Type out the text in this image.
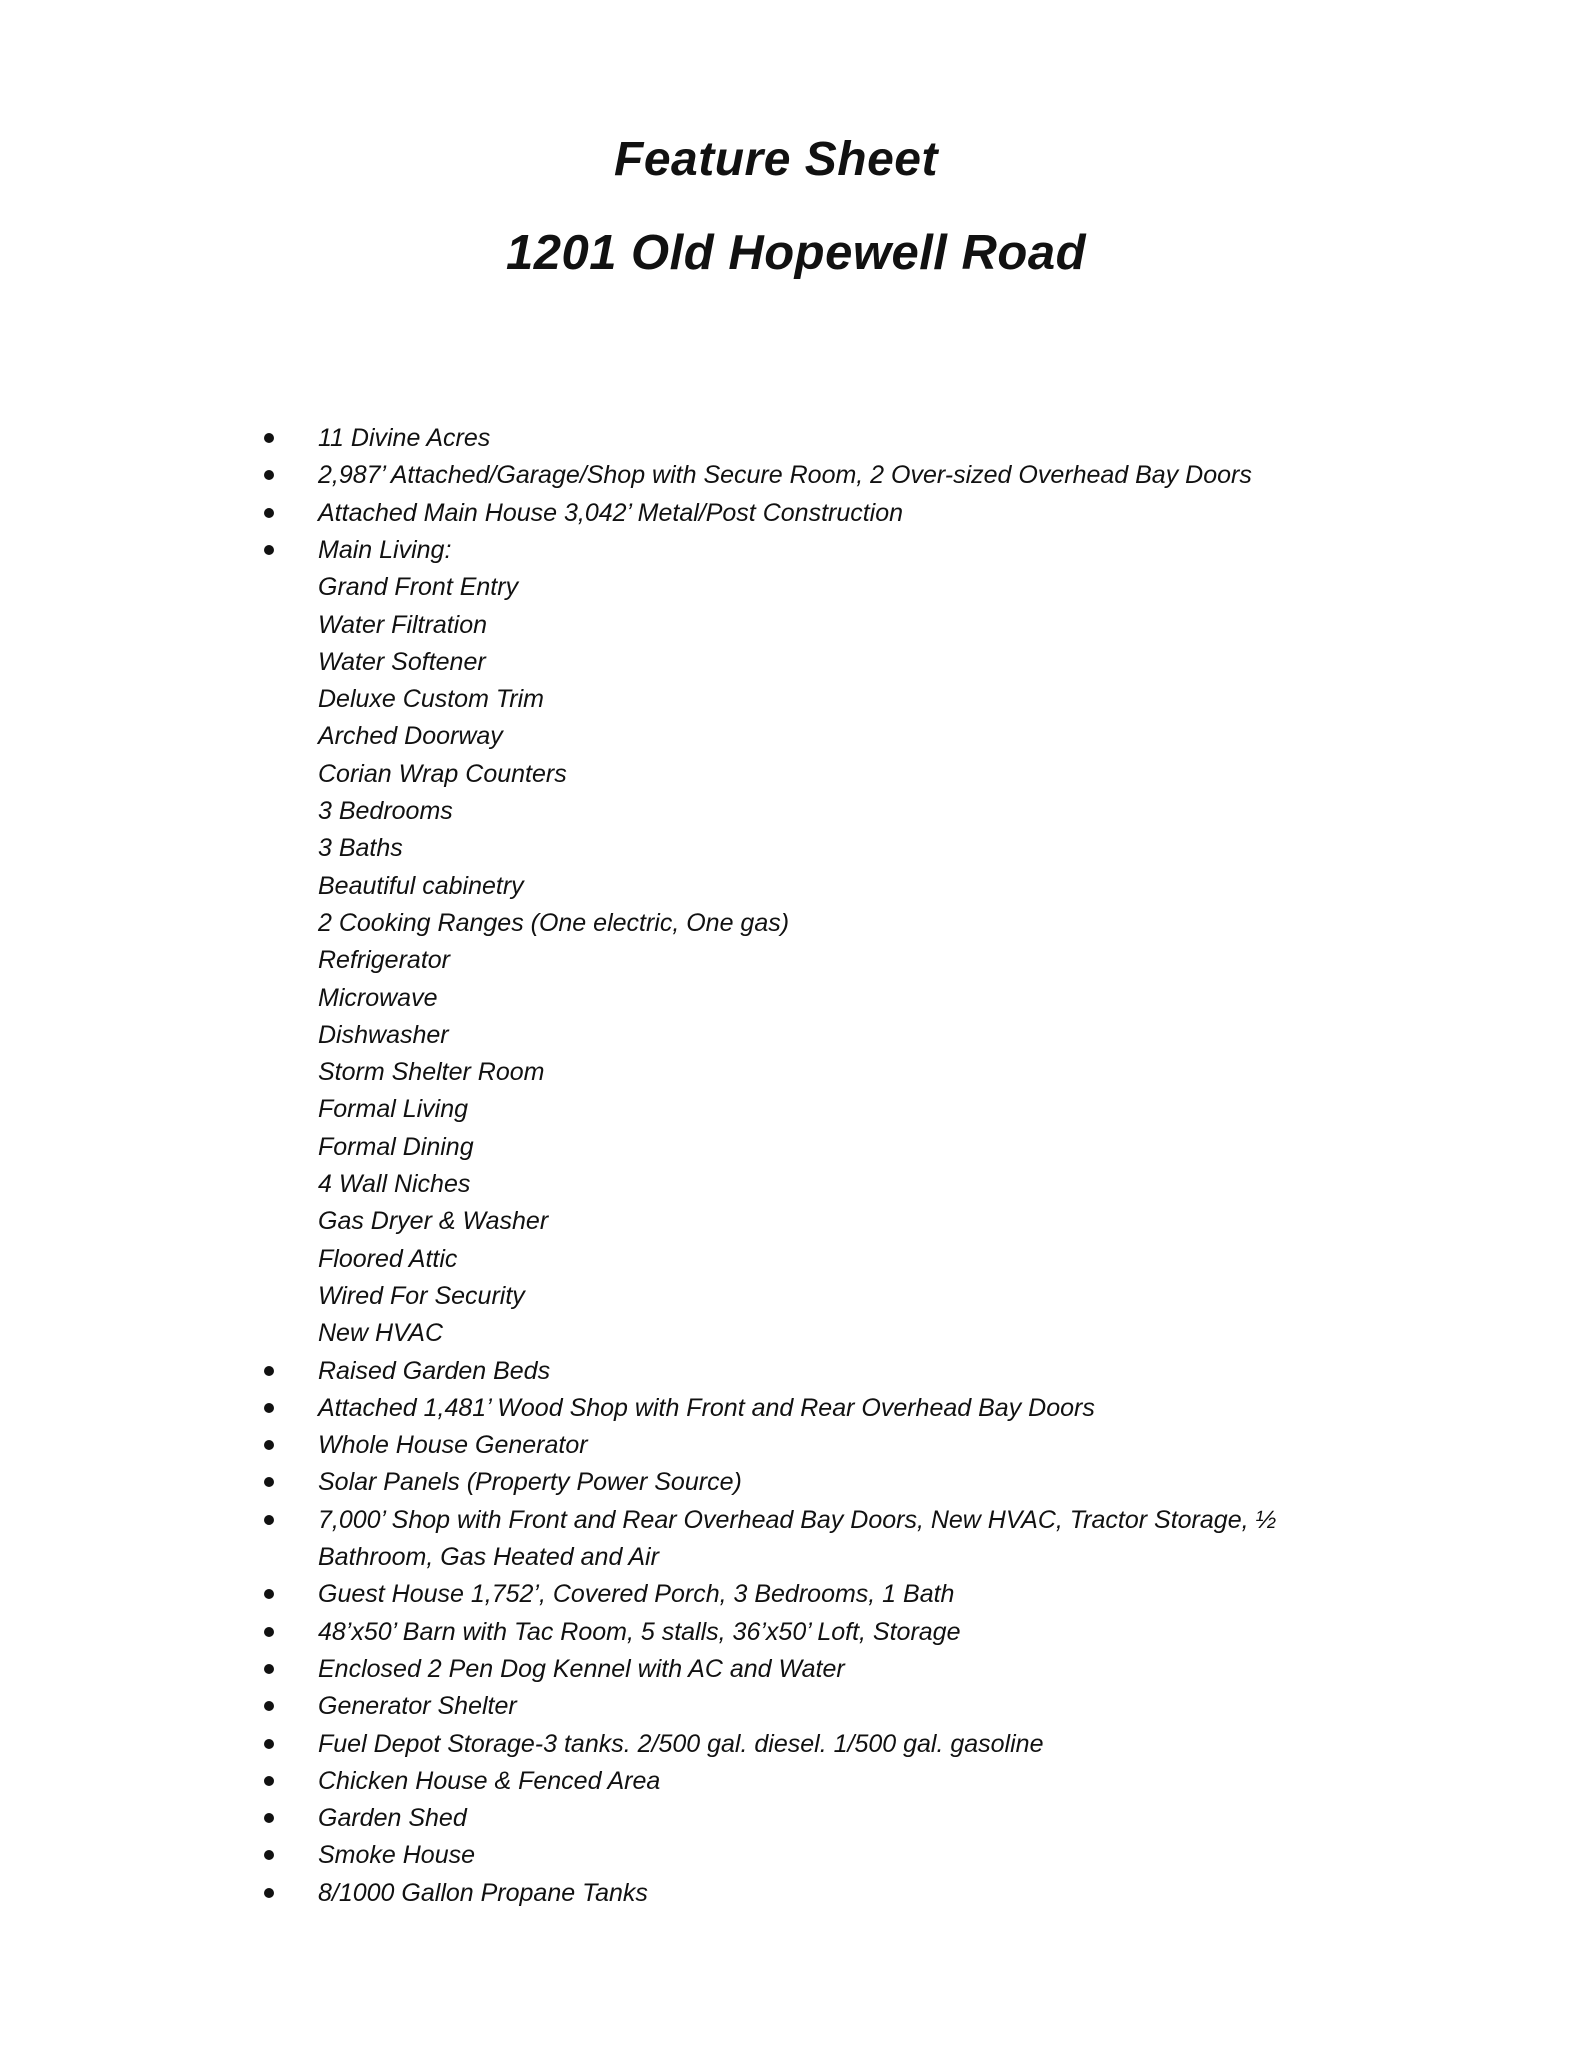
Feature Sheet
1201 Old Hopewell Road
11 Divine Acres
2,987’ Attached/Garage/Shop with Secure Room, 2 Over-sized Overhead Bay Doors
Attached Main House 3,042’ Metal/Post Construction
Main Living:
Grand Front Entry
Water Filtration
Water Softener
Deluxe Custom Trim
Arched Doorway
Corian Wrap Counters
3 Bedrooms
3 Baths
Beautiful cabinetry
2 Cooking Ranges (One electric, One gas)
Refrigerator
Microwave
Dishwasher
Storm Shelter Room
Formal Living
Formal Dining
4 Wall Niches
Gas Dryer & Washer
Floored Attic
Wired For Security
New HVAC
Raised Garden Beds
Attached 1,481’ Wood Shop with Front and Rear Overhead Bay Doors
Whole House Generator
Solar Panels (Property Power Source)
7,000’ Shop with Front and Rear Overhead Bay Doors, New HVAC, Tractor Storage, ½
Bathroom, Gas Heated and Air
Guest House 1,752’, Covered Porch, 3 Bedrooms, 1 Bath
48’x50’ Barn with Tac Room, 5 stalls, 36’x50’ Loft, Storage
Enclosed 2 Pen Dog Kennel with AC and Water
Generator Shelter
Fuel Depot Storage-3 tanks. 2/500 gal. diesel. 1/500 gal. gasoline
Chicken House & Fenced Area
Garden Shed
Smoke House
8/1000 Gallon Propane Tanks
